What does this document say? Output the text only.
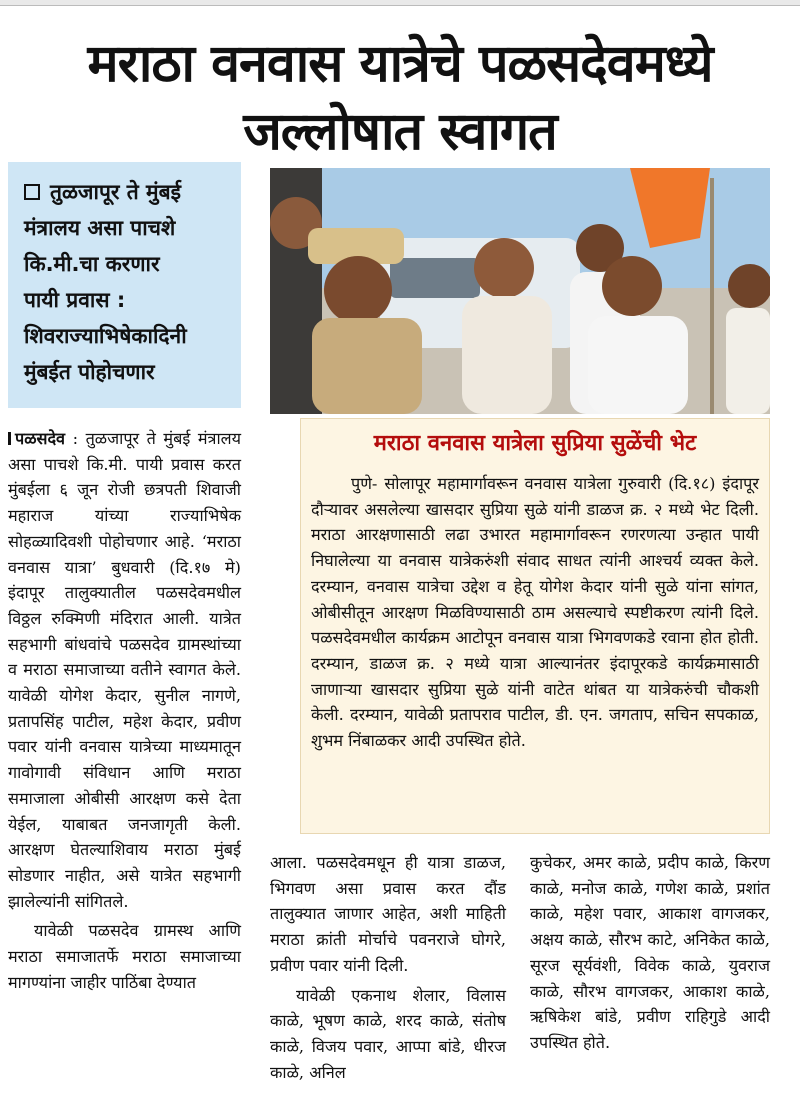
मराठा वनवास यात्रेचे पळसदेवमध्ये
जल्लोषात स्वागत
तुळजापूर ते मुंबई
मंत्रालय असा पाचशे
कि.मी.चा करणार
पायी प्रवास :
शिवराज्याभिषेकादिनी
मुंबईत पोहोचणार

पळसदेव : तुळजापूर ते मुंबई मंत्रालय असा पाचशे कि.मी. पायी प्रवास करत मुंबईला ६ जून रोजी छत्रपती शिवाजी महाराज यांच्या राज्याभिषेक सोहळ्यादिवशी पोहोचणार आहे. ‘मराठा वनवास यात्रा’ बुधवारी (दि.१७ मे) इंदापूर तालुक्यातील पळसदेवमधील विठ्ठल रुक्मिणी मंदिरात आली. यात्रेत सहभागी बांधवांचे पळसदेव ग्रामस्थांच्या व मराठा समाजाच्या वतीने स्वागत केले. यावेळी योगेश केदार, सुनील नागणे, प्रतापसिंह पाटील, महेश केदार, प्रवीण पवार यांनी वनवास यात्रेच्या माध्यमातून गावोगावी संविधान आणि मराठा समाजाला ओबीसी आरक्षण कसे देता येईल, याबाबत जनजागृती केली. आरक्षण घेतल्याशिवाय मराठा मुंबई सोडणार नाहीत, असे यात्रेत सहभागी झालेल्यांनी सांगितले.

यावेळी पळसदेव ग्रामस्थ आणि मराठा समाजातर्फे मराठा समाजाच्या मागण्यांना जाहीर पाठिंबा देण्यात

मराठा वनवास यात्रेला सुप्रिया सुळेंची भेट

पुणे- सोलापूर महामार्गावरून वनवास यात्रेला गुरुवारी (दि.१८) इंदापूर दौऱ्यावर असलेल्या खासदार सुप्रिया सुळे यांनी डाळज क्र. २ मध्ये भेट दिली. मराठा आरक्षणासाठी लढा उभारत महामार्गावरून रणरणत्या उन्हात पायी निघालेल्या या वनवास यात्रेकरुंशी संवाद साधत त्यांनी आश्चर्य व्यक्त केले. दरम्यान, वनवास यात्रेचा उद्देश व हेतू योगेश केदार यांनी सुळे यांना सांगत, ओबीसीतून आरक्षण मिळविण्यासाठी ठाम असल्याचे स्पष्टीकरण त्यांनी दिले. पळसदेवमधील कार्यक्रम आटोपून वनवास यात्रा भिगवणकडे रवाना होत होती. दरम्यान, डाळज क्र. २ मध्ये यात्रा आल्यानंतर इंदापूरकडे कार्यक्रमासाठी जाणाऱ्या खासदार सुप्रिया सुळे यांनी वाटेत थांबत या यात्रेकरुंची चौकशी केली. दरम्यान, यावेळी प्रतापराव पाटील, डी. एन. जगताप, सचिन सपकाळ, शुभम निंबाळकर आदी उपस्थित होते.

आला. पळसदेवमधून ही यात्रा डाळज, भिगवण असा प्रवास करत दौंड तालुक्यात जाणार आहेत, अशी माहिती मराठा क्रांती मोर्चाचे पवनराजे घोगरे, प्रवीण पवार यांनी दिली.

यावेळी एकनाथ शेलार, विलास काळे, भूषण काळे, शरद काळे, संतोष काळे, विजय पवार, आप्पा बांडे, धीरज काळे, अनिल

कुचेकर, अमर काळे, प्रदीप काळे, किरण काळे, मनोज काळे, गणेश काळे, प्रशांत काळे, महेश पवार, आकाश वागजकर, अक्षय काळे, सौरभ काटे, अनिकेत काळे, सूरज सूर्यवंशी, विवेक काळे, युवराज काळे, सौरभ वागजकर, आकाश काळे, ऋषिकेश बांडे, प्रवीण राहिगुडे आदी उपस्थित होते.
